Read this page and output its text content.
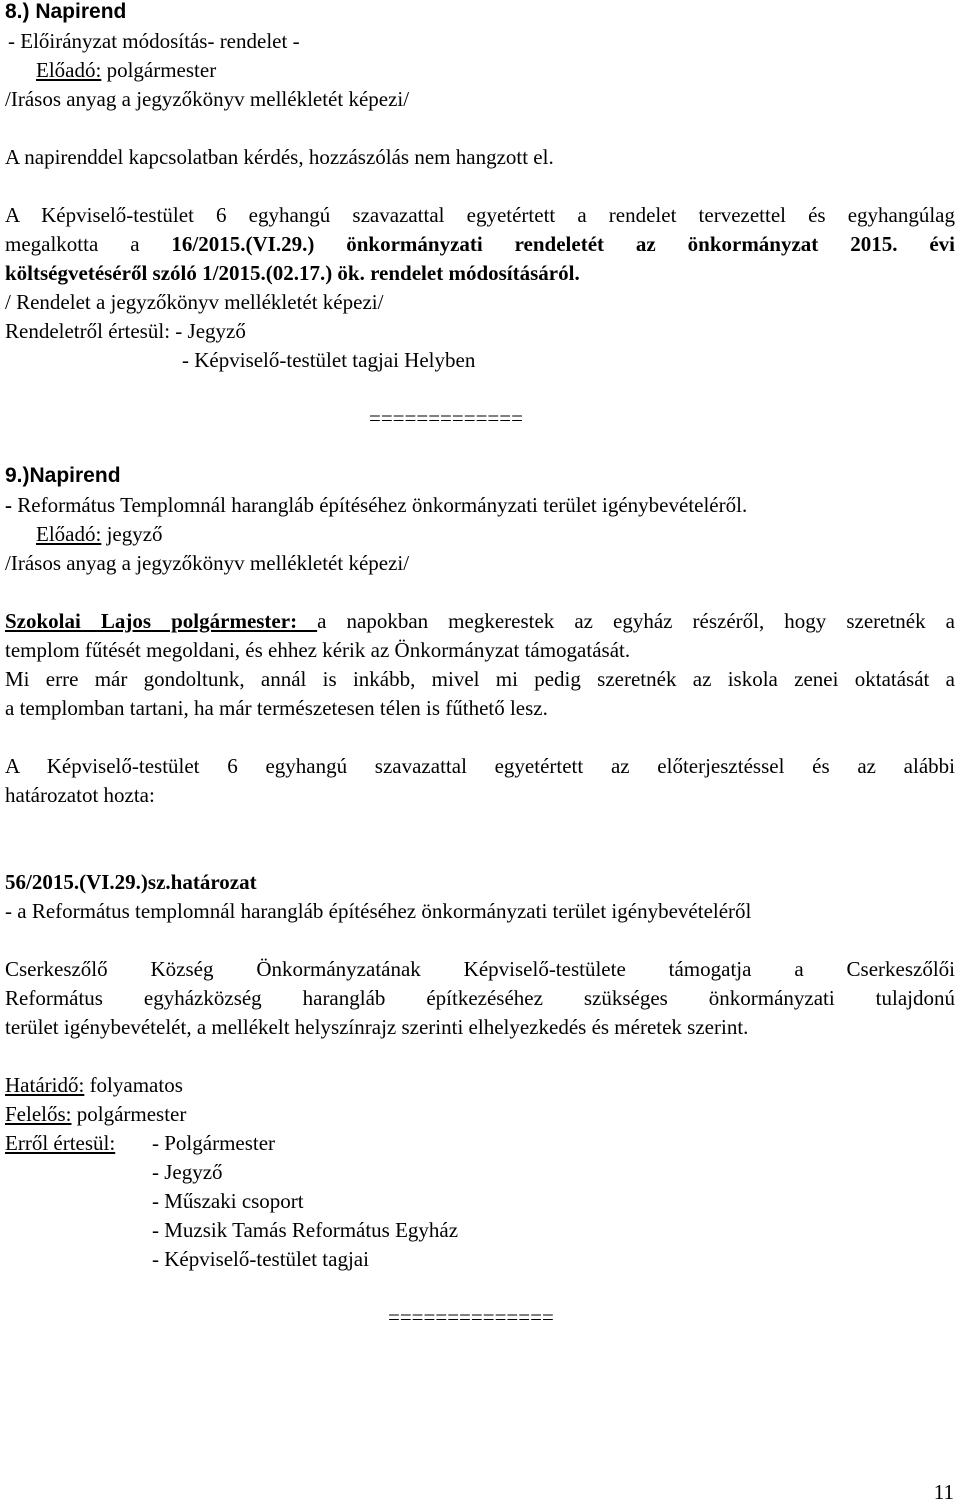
8.) Napirend
- Előirányzat módosítás- rendelet -
Előadó: polgármester
/Irásos anyag a jegyzőkönyv mellékletét képezi/
A napirenddel kapcsolatban kérdés, hozzászólás nem hangzott el.
A Képviselő-testület 6 egyhangú szavazattal egyetértett a rendelet tervezettel és egyhangúlag
megalkotta a 16/2015.(VI.29.) önkormányzati rendeletét az önkormányzat 2015. évi
költségvetéséről szóló 1/2015.(02.17.) ök. rendelet módosításáról.
/ Rendelet a jegyzőkönyv mellékletét képezi/
Rendeletről értesül: - Jegyző
- Képviselő-testület tagjai Helyben
=============
9.)Napirend
- Református Templomnál harangláb építéséhez önkormányzati terület igénybevételéről.
Előadó: jegyző
/Irásos anyag a jegyzőkönyv mellékletét képezi/
Szokolai Lajos polgármester: a napokban megkerestek az egyház részéről, hogy szeretnék a
templom fűtését megoldani, és ehhez kérik az Önkormányzat támogatását.
Mi erre már gondoltunk, annál is inkább, mivel mi pedig szeretnék az iskola zenei oktatását a
a templomban tartani, ha már természetesen télen is fűthető lesz.
A Képviselő-testület 6 egyhangú szavazattal egyetértett az előterjesztéssel és az alábbi
határozatot hozta:
56/2015.(VI.29.)sz.határozat
- a Református templomnál harangláb építéséhez önkormányzati terület igénybevételéről
Cserkeszőlő Község Önkormányzatának Képviselő-testülete támogatja a Cserkeszőlői
Református egyházközség harangláb építkezéséhez szükséges önkormányzati tulajdonú
terület igénybevételét, a mellékelt helyszínrajz szerinti elhelyezkedés és méretek szerint.
Határidő: folyamatos
Felelős: polgármester
Erről értesül: - Polgármester
- Jegyző
- Műszaki csoport
- Muzsik Tamás Református Egyház
- Képviselő-testület tagjai
==============
11
